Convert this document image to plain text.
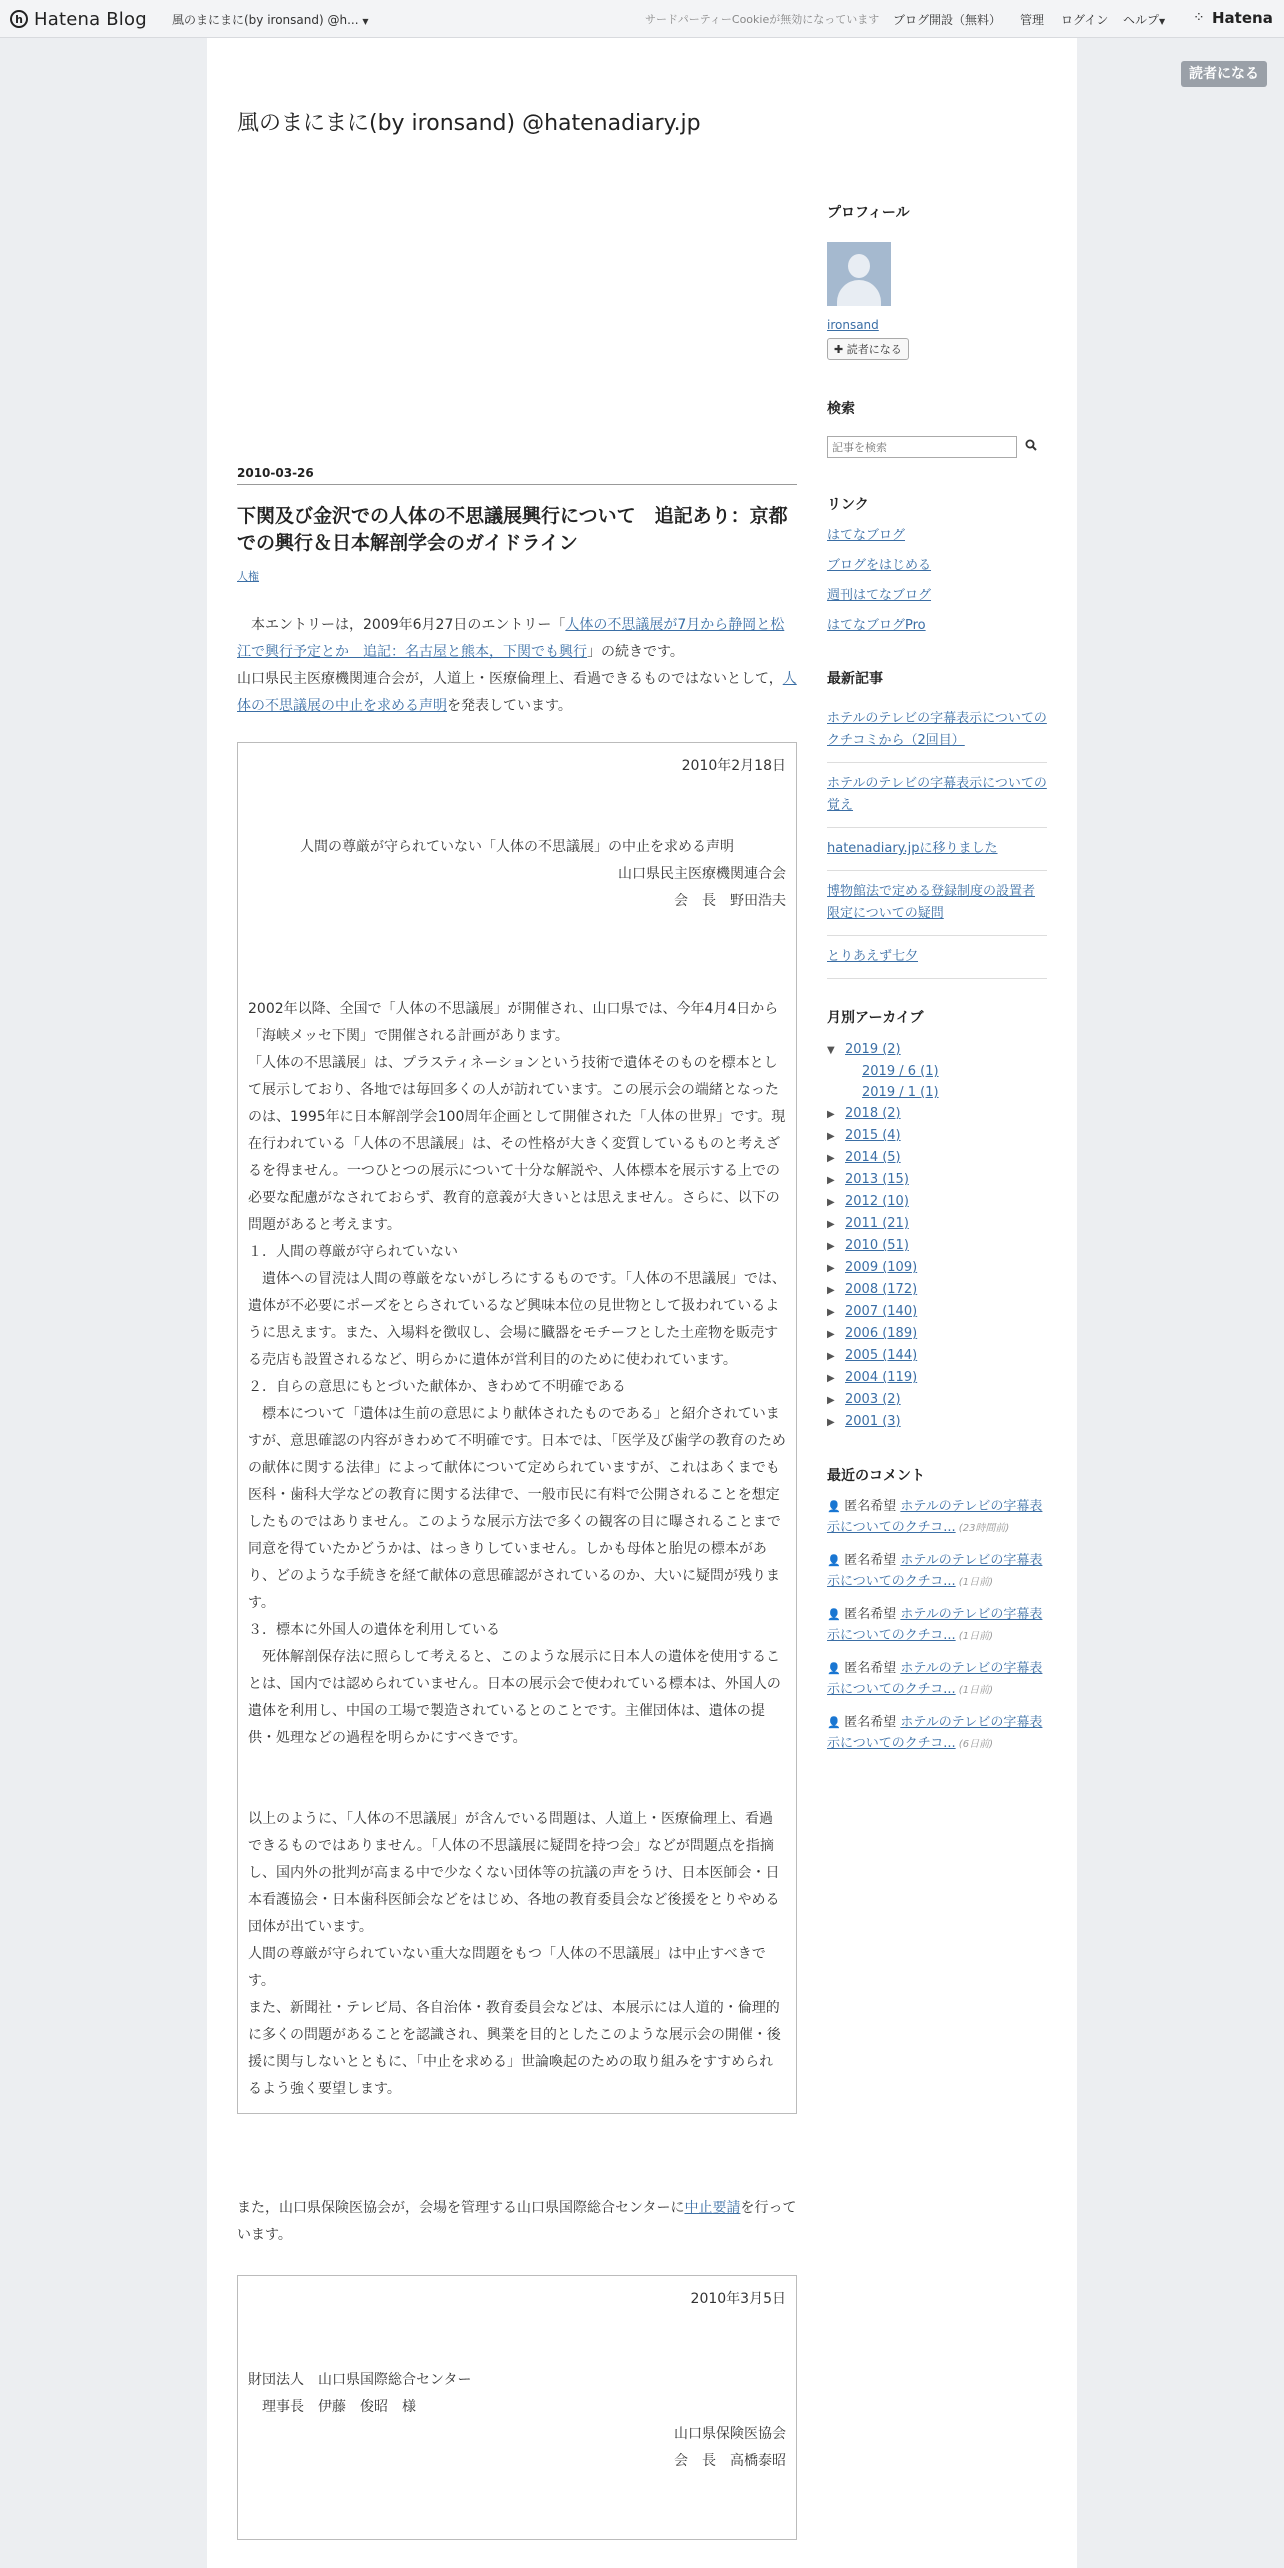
h Hatena Blog 風のまにまに(by ironsand) @h... ▼	サードパーティーCookieが無効になっています ブログ開設（無料） 管理 ログイン ヘルプ▼ ⁘ Hatena
読者になる
風のまにまに(by ironsand) @hatenadiary.jp
2010-03-26
下関及び金沢での人体の不思議展興行について　追記あり：京都での興行＆日本解剖学会のガイドライン
人権
　本エントリーは，2009年6月27日のエントリー「人体の不思議展が7月から静岡と松江で興行予定とか　追記：名古屋と熊本，下関でも興行」の続きです。
山口県民主医療機関連合会が，人道上・医療倫理上、看過できるものではないとして，人体の不思議展の中止を求める声明を発表しています。
2010年2月18日
人間の尊厳が守られていない「人体の不思議展」の中止を求める声明
山口県民主医療機関連合会
会　長　野田浩夫
2002年以降、全国で「人体の不思議展」が開催され、山口県では、今年4月4日から「海峡メッセ下関」で開催される計画があります。
「人体の不思議展」は、プラスティネーションという技術で遺体そのものを標本として展示しており、各地では毎回多くの人が訪れています。この展示会の端緒となったのは、1995年に日本解剖学会100周年企画として開催された「人体の世界」です。現在行われている「人体の不思議展」は、その性格が大きく変質しているものと考えざるを得ません。一つひとつの展示について十分な解説や、人体標本を展示する上での必要な配慮がなされておらず、教育的意義が大きいとは思えません。さらに、以下の問題があると考えます。
１．人間の尊厳が守られていない
　遺体への冒涜は人間の尊厳をないがしろにするものです。「人体の不思議展」では、遺体が不必要にポーズをとらされているなど興味本位の見世物として扱われているように思えます。また、入場料を徴収し、会場に臓器をモチーフとした土産物を販売する売店も設置されるなど、明らかに遺体が営利目的のために使われています。
２．自らの意思にもとづいた献体か、きわめて不明確である
　標本について「遺体は生前の意思により献体されたものである」と紹介されていますが、意思確認の内容がきわめて不明確です。日本では、「医学及び歯学の教育のための献体に関する法律」によって献体について定められていますが、これはあくまでも医科・歯科大学などの教育に関する法律で、一般市民に有料で公開されることを想定したものではありません。このような展示方法で多くの観客の目に曝されることまで同意を得ていたかどうかは、はっきりしていません。しかも母体と胎児の標本があり、どのような手続きを経て献体の意思確認がされているのか、大いに疑問が残ります。
３．標本に外国人の遺体を利用している
　死体解剖保存法に照らして考えると、このような展示に日本人の遺体を使用することは、国内では認められていません。日本の展示会で使われている標本は、外国人の遺体を利用し、中国の工場で製造されているとのことです。主催団体は、遺体の提供・処理などの過程を明らかにすべきです。
以上のように、「人体の不思議展」が含んでいる問題は、人道上・医療倫理上、看過できるものではありません。「人体の不思議展に疑問を持つ会」などが問題点を指摘し、国内外の批判が高まる中で少なくない団体等の抗議の声をうけ、日本医師会・日本看護協会・日本歯科医師会などをはじめ、各地の教育委員会など後援をとりやめる団体が出ています。
人間の尊厳が守られていない重大な問題をもつ「人体の不思議展」は中止すべきです。
また、新聞社・テレビ局、各自治体・教育委員会などは、本展示には人道的・倫理的に多くの問題があることを認識され、興業を目的としたこのような展示会の開催・後援に関与しないとともに、「中止を求める」世論喚起のための取り組みをすすめられるよう強く要望します。
また，山口県保険医協会が，会場を管理する山口県国際総合センターに中止要請を行っています。
2010年3月5日
財団法人　山口県国際総合センター
　理事長　伊藤　俊昭　様
山口県保険医協会
会　長　高橋泰昭
プロフィール
ironsand
✚ 読者になる
検索
記事を検索
リンク
はてなブログ
ブログをはじめる
週刊はてなブログ
はてなブログPro
最新記事
ホテルのテレビの字幕表示についてのクチコミから（2回目）
ホテルのテレビの字幕表示についての覚え
hatenadiary.jpに移りました
博物館法で定める登録制度の設置者限定についての疑問
とりあえず七夕
月別アーカイブ
▼ 2019 (2)
2019 / 6 (1)
2019 / 1 (1)
▶ 2018 (2)
▶ 2015 (4)
▶ 2014 (5)
▶ 2013 (15)
▶ 2012 (10)
▶ 2011 (21)
▶ 2010 (51)
▶ 2009 (109)
▶ 2008 (172)
▶ 2007 (140)
▶ 2006 (189)
▶ 2005 (144)
▶ 2004 (119)
▶ 2003 (2)
▶ 2001 (3)
最近のコメント
👤 匿名希望 ホテルのテレビの字幕表示についてのクチコ... (23時間前)
👤 匿名希望 ホテルのテレビの字幕表示についてのクチコ... (1日前)
👤 匿名希望 ホテルのテレビの字幕表示についてのクチコ... (1日前)
👤 匿名希望 ホテルのテレビの字幕表示についてのクチコ... (1日前)
👤 匿名希望 ホテルのテレビの字幕表示についてのクチコ... (6日前)
